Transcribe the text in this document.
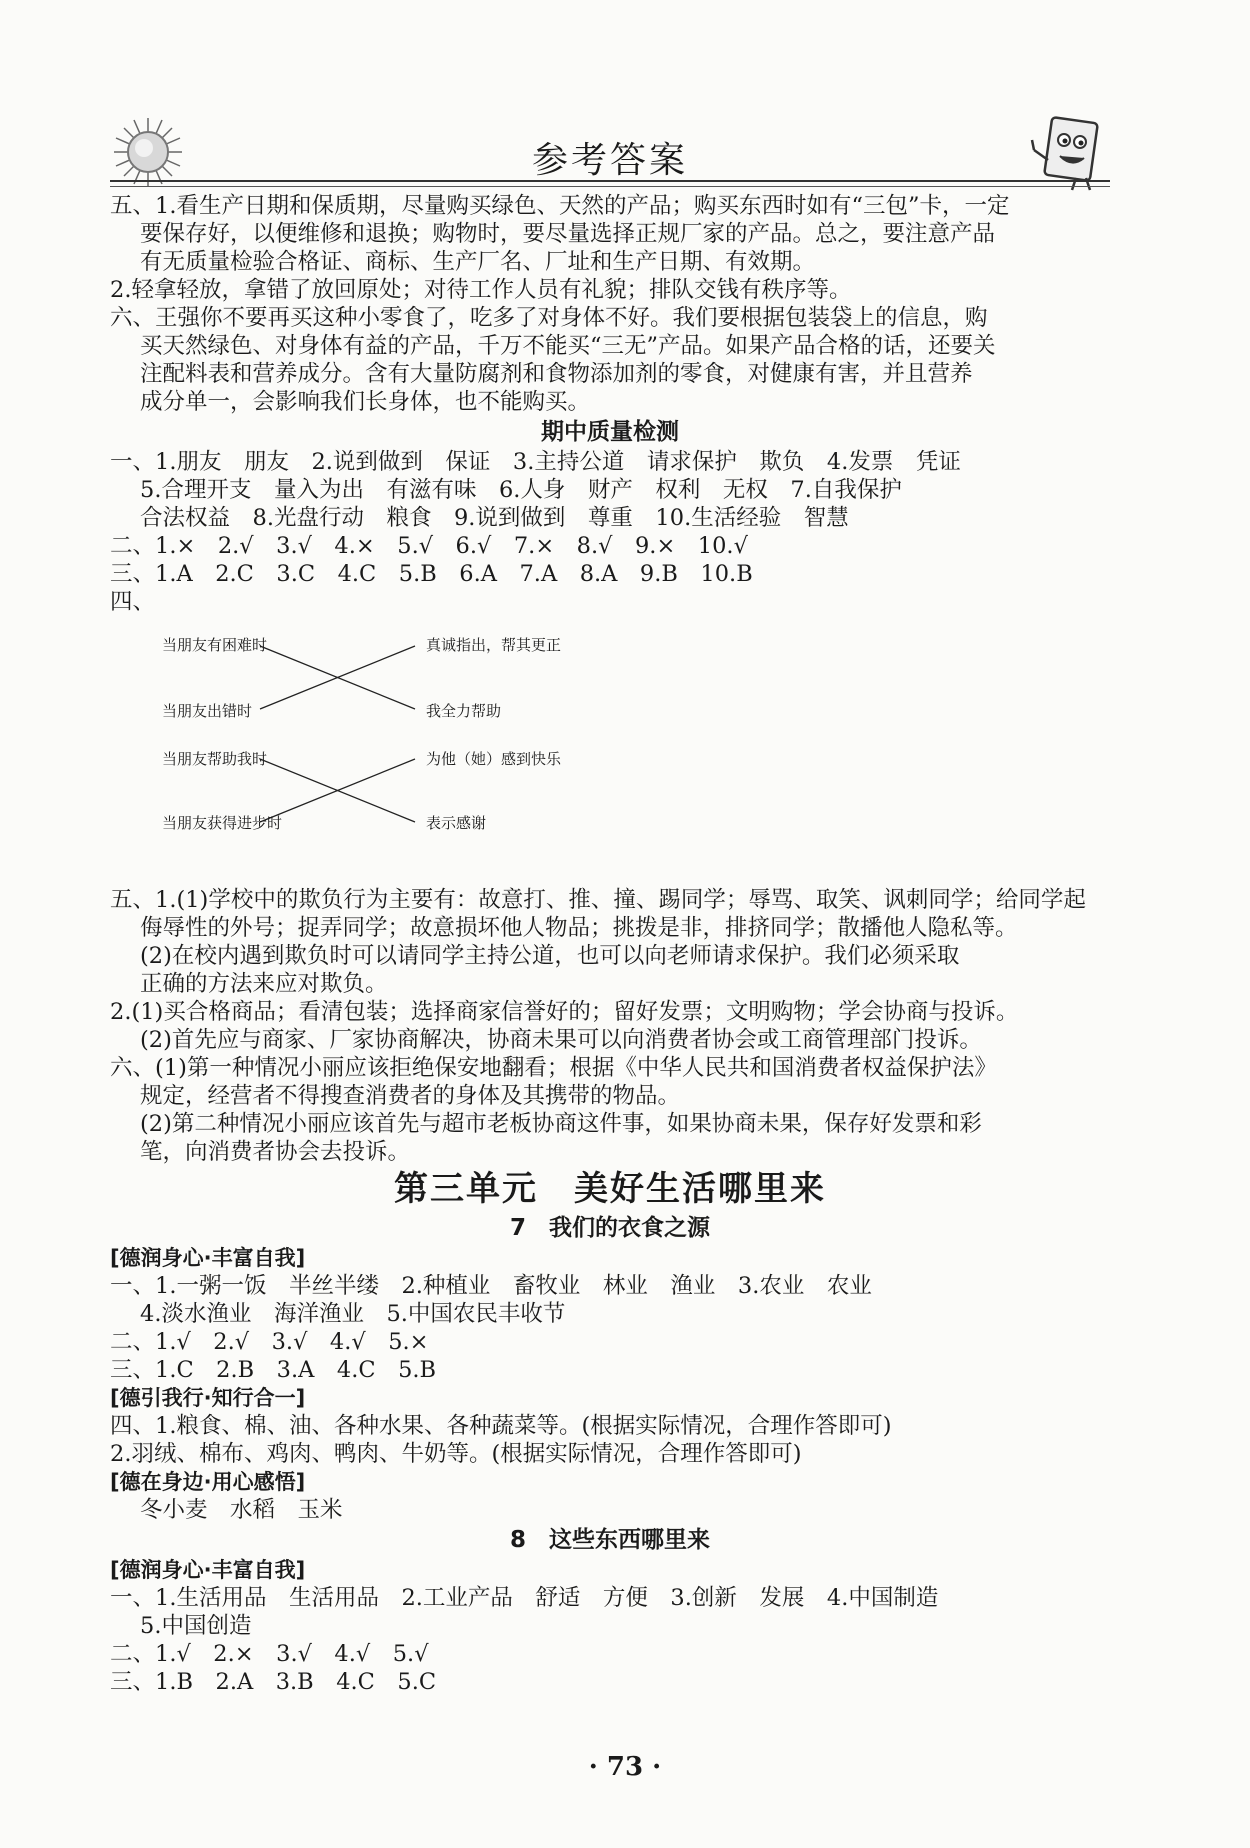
参考答案
五、1.看生产日期和保质期，尽量购买绿色、天然的产品；购买东西时如有“三包”卡，一定
要保存好，以便维修和退换；购物时，要尽量选择正规厂家的产品。总之，要注意产品
有无质量检验合格证、商标、生产厂名、厂址和生产日期、有效期。
2.轻拿轻放，拿错了放回原处；对待工作人员有礼貌；排队交钱有秩序等。
六、王强你不要再买这种小零食了，吃多了对身体不好。我们要根据包装袋上的信息，购
买天然绿色、对身体有益的产品，千万不能买“三无”产品。如果产品合格的话，还要关
注配料表和营养成分。含有大量防腐剂和食物添加剂的零食，对健康有害，并且营养
成分单一，会影响我们长身体，也不能购买。
期中质量检测
一、1.朋友　朋友　2.说到做到　保证　3.主持公道　请求保护　欺负　4.发票　凭证
5.合理开支　量入为出　有滋有味　6.人身　财产　权利　无权　7.自我保护
合法权益　8.光盘行动　粮食　9.说到做到　尊重　10.生活经验　智慧
二、1.×　2.√　3.√　4.×　5.√　6.√　7.×　8.√　9.×　10.√
三、1.A　2.C　3.C　4.C　5.B　6.A　7.A　8.A　9.B　10.B
四、
当朋友有困难时
当朋友出错时
真诚指出，帮其更正
我全力帮助
当朋友帮助我时
当朋友获得进步时
为他（她）感到快乐
表示感谢
五、1.(1)学校中的欺负行为主要有：故意打、推、撞、踢同学；辱骂、取笑、讽刺同学；给同学起
侮辱性的外号；捉弄同学；故意损坏他人物品；挑拨是非，排挤同学；散播他人隐私等。
(2)在校内遇到欺负时可以请同学主持公道，也可以向老师请求保护。我们必须采取
正确的方法来应对欺负。
2.(1)买合格商品；看清包装；选择商家信誉好的；留好发票；文明购物；学会协商与投诉。
(2)首先应与商家、厂家协商解决，协商未果可以向消费者协会或工商管理部门投诉。
六、(1)第一种情况小丽应该拒绝保安地翻看；根据《中华人民共和国消费者权益保护法》
规定，经营者不得搜查消费者的身体及其携带的物品。
(2)第二种情况小丽应该首先与超市老板协商这件事，如果协商未果，保存好发票和彩
笔，向消费者协会去投诉。
第三单元　美好生活哪里来
7　我们的衣食之源
[德润身心·丰富自我]
一、1.一粥一饭　半丝半缕　2.种植业　畜牧业　林业　渔业　3.农业　农业
4.淡水渔业　海洋渔业　5.中国农民丰收节
二、1.√　2.√　3.√　4.√　5.×
三、1.C　2.B　3.A　4.C　5.B
[德引我行·知行合一]
四、1.粮食、棉、油、各种水果、各种蔬菜等。(根据实际情况，合理作答即可)
2.羽绒、棉布、鸡肉、鸭肉、牛奶等。(根据实际情况，合理作答即可)
[德在身边·用心感悟]
冬小麦　水稻　玉米
8　这些东西哪里来
[德润身心·丰富自我]
一、1.生活用品　生活用品　2.工业产品　舒适　方便　3.创新　发展　4.中国制造
5.中国创造
二、1.√　2.×　3.√　4.√　5.√
三、1.B　2.A　3.B　4.C　5.C
· 73 ·
